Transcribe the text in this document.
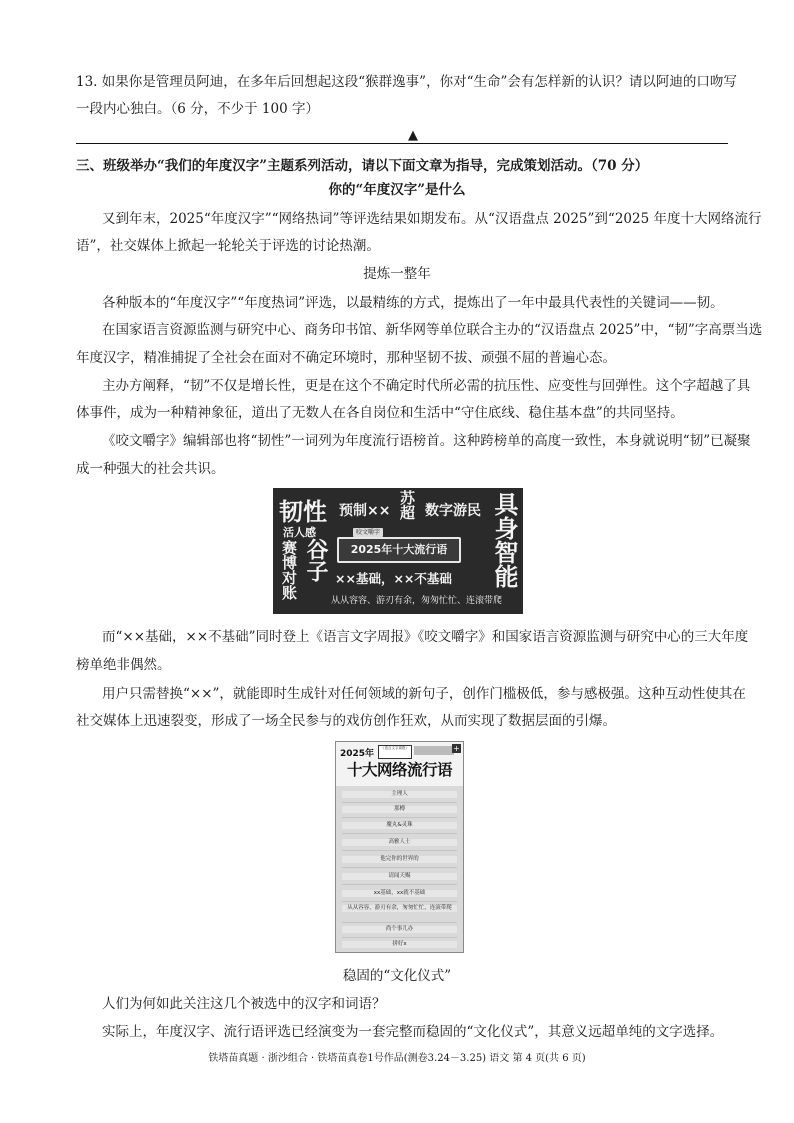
13. 如果你是管理员阿迪，在多年后回想起这段“猴群逸事”，你对“生命”会有怎样新的认识？请以阿迪的口吻写
一段内心独白。（6 分，不少于 100 字）
▲
三、班级举办“我们的年度汉字”主题系列活动，请以下面文章为指导，完成策划活动。（70 分）
你的“年度汉字”是什么
又到年末，2025“年度汉字”“网络热词”等评选结果如期发布。从“汉语盘点 2025”到“2025 年度十大网络流行
语”，社交媒体上掀起一轮轮关于评选的讨论热潮。
提炼一整年
各种版本的“年度汉字”“年度热词”评选，以最精练的方式，提炼出了一年中最具代表性的关键词——韧。
在国家语言资源监测与研究中心、商务印书馆、新华网等单位联合主办的“汉语盘点 2025”中，“韧”字高票当选
年度汉字，精准捕捉了全社会在面对不确定环境时，那种坚韧不拔、顽强不屈的普遍心态。
主办方阐释，“韧”不仅是增长性，更是在这个不确定时代所必需的抗压性、应变性与回弹性。这个字超越了具
体事件，成为一种精神象征，道出了无数人在各自岗位和生活中“守住底线、稳住基本盘”的共同坚持。
《咬文嚼字》编辑部也将“韧性”一词列为年度流行语榜首。这种跨榜单的高度一致性，本身就说明“韧”已凝聚
成一种强大的社会共识。
韧性 预制×× 苏超 数字游民 具身智能
活人感
赛博对账 谷子
咬文嚼字
2025年十大流行语
××基础，××不基础
从从容容、游刃有余，匆匆忙忙、连滚带爬
而“××基础，××不基础”同时登上《语言文字周报》《咬文嚼字》和国家语言资源监测与研究中心的三大年度
榜单绝非偶然。
用户只需替换“××”，就能即时生成针对任何领域的新句子，创作门槛极低，参与感极强。这种互动性使其在
社交媒体上迅速裂变，形成了一场全民参与的戏仿创作狂欢，从而实现了数据层面的引爆。
2025年
《语言文字周报》	+
十大网络流行语
主理人
那樽
魔丸&灵珠
高雅人士
他完你的世界的
请闻天赐
xx基础，xx就不基础
从从容容，游刃有余，匆匆忙忙，连滚带爬
尚个事儿办
拼好x
稳固的“文化仪式”
人们为何如此关注这几个被选中的汉字和词语？
实际上，年度汉字、流行语评选已经演变为一套完整而稳固的“文化仪式”，其意义远超单纯的文字选择。
铁塔苗真题 · 浙沙组合 · 铁塔苗真卷1号作品(测卷3.24－3.25) 语文 第 4 页(共 6 页)
